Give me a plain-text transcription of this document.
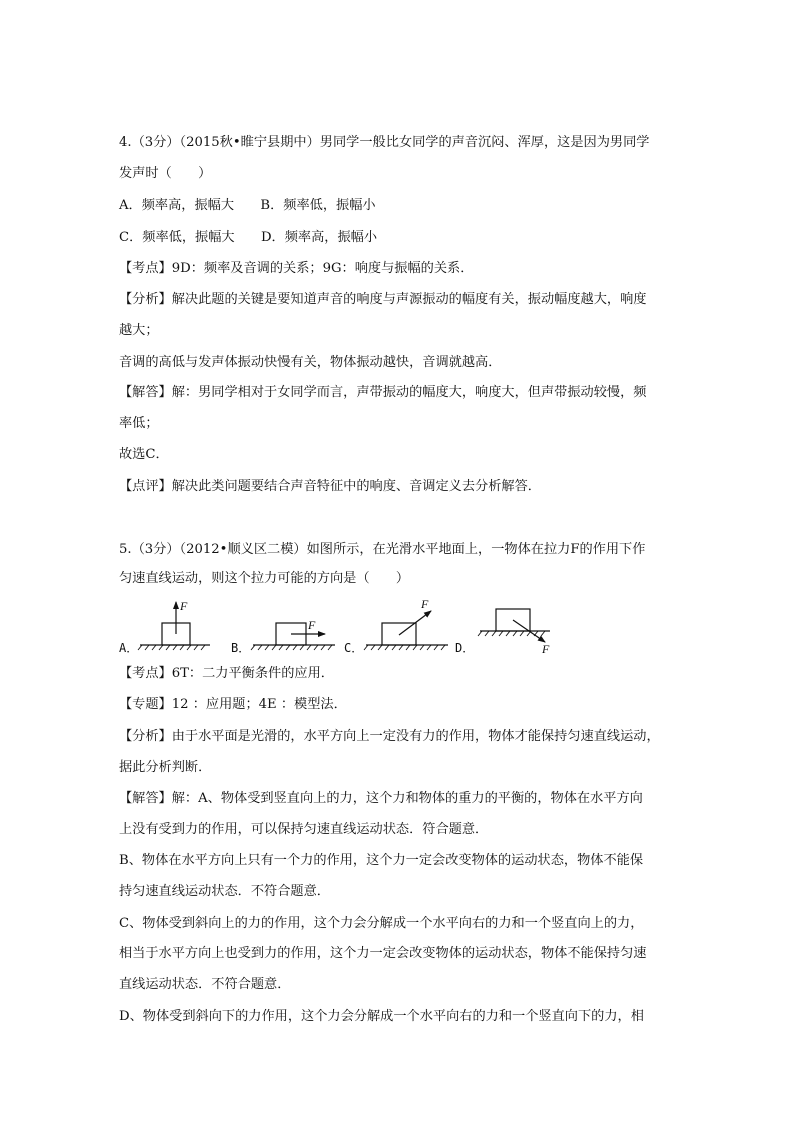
4.（3分）（2015秋•睢宁县期中）男同学一般比女同学的声音沉闷、浑厚，这是因为男同学
发声时（　　）
A．频率高，振幅大　　B．频率低，振幅小
C．频率低，振幅大　　D．频率高，振幅小
【考点】9D：频率及音调的关系；9G：响度与振幅的关系．
【分析】解决此题的关键是要知道声音的响度与声源振动的幅度有关，振动幅度越大，响度
越大；
音调的高低与发声体振动快慢有关，物体振动越快，音调就越高．
【解答】解：男同学相对于女同学而言，声带振动的幅度大，响度大，但声带振动较慢，频
率低；
故选C．
【点评】解决此类问题要结合声音特征中的响度、音调定义去分析解答．
5.（3分）（2012•顺义区二模）如图所示，在光滑水平地面上，一物体在拉力F的作用下作
匀速直线运动，则这个拉力可能的方向是（　　）
A．
F
B．
F
C．
F
D．	F
【考点】6T：二力平衡条件的应用．
【专题】12 ：应用题；4E ：模型法．
【分析】由于水平面是光滑的，水平方向上一定没有力的作用，物体才能保持匀速直线运动，
据此分析判断．
【解答】解：A、物体受到竖直向上的力，这个力和物体的重力的平衡的，物体在水平方向
上没有受到力的作用，可以保持匀速直线运动状态．符合题意．
B、物体在水平方向上只有一个力的作用，这个力一定会改变物体的运动状态，物体不能保
持匀速直线运动状态．不符合题意．
C、物体受到斜向上的力的作用，这个力会分解成一个水平向右的力和一个竖直向上的力，
相当于水平方向上也受到力的作用，这个力一定会改变物体的运动状态，物体不能保持匀速
直线运动状态．不符合题意．
D、物体受到斜向下的力作用，这个力会分解成一个水平向右的力和一个竖直向下的力，相
